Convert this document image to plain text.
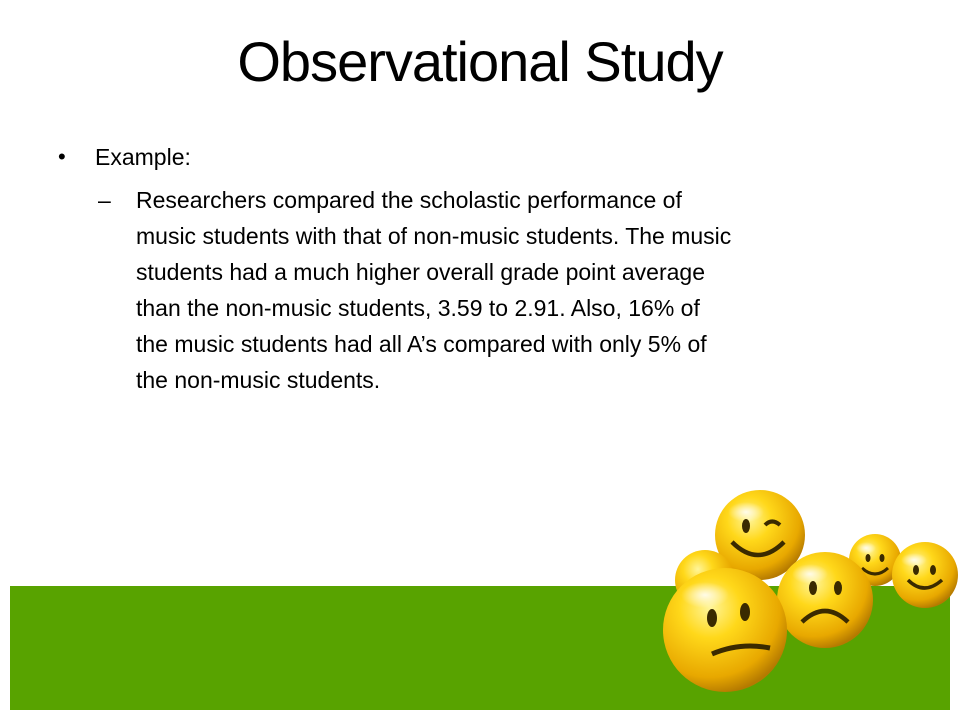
Observational Study
•	Example:
–	Researchers compared the scholastic performance of
music students with that of non-music students. The music
students had a much higher overall grade point average
than the non-music students, 3.59 to 2.91. Also, 16% of
the music students had all A’s compared with only 5% of
the non-music students.
